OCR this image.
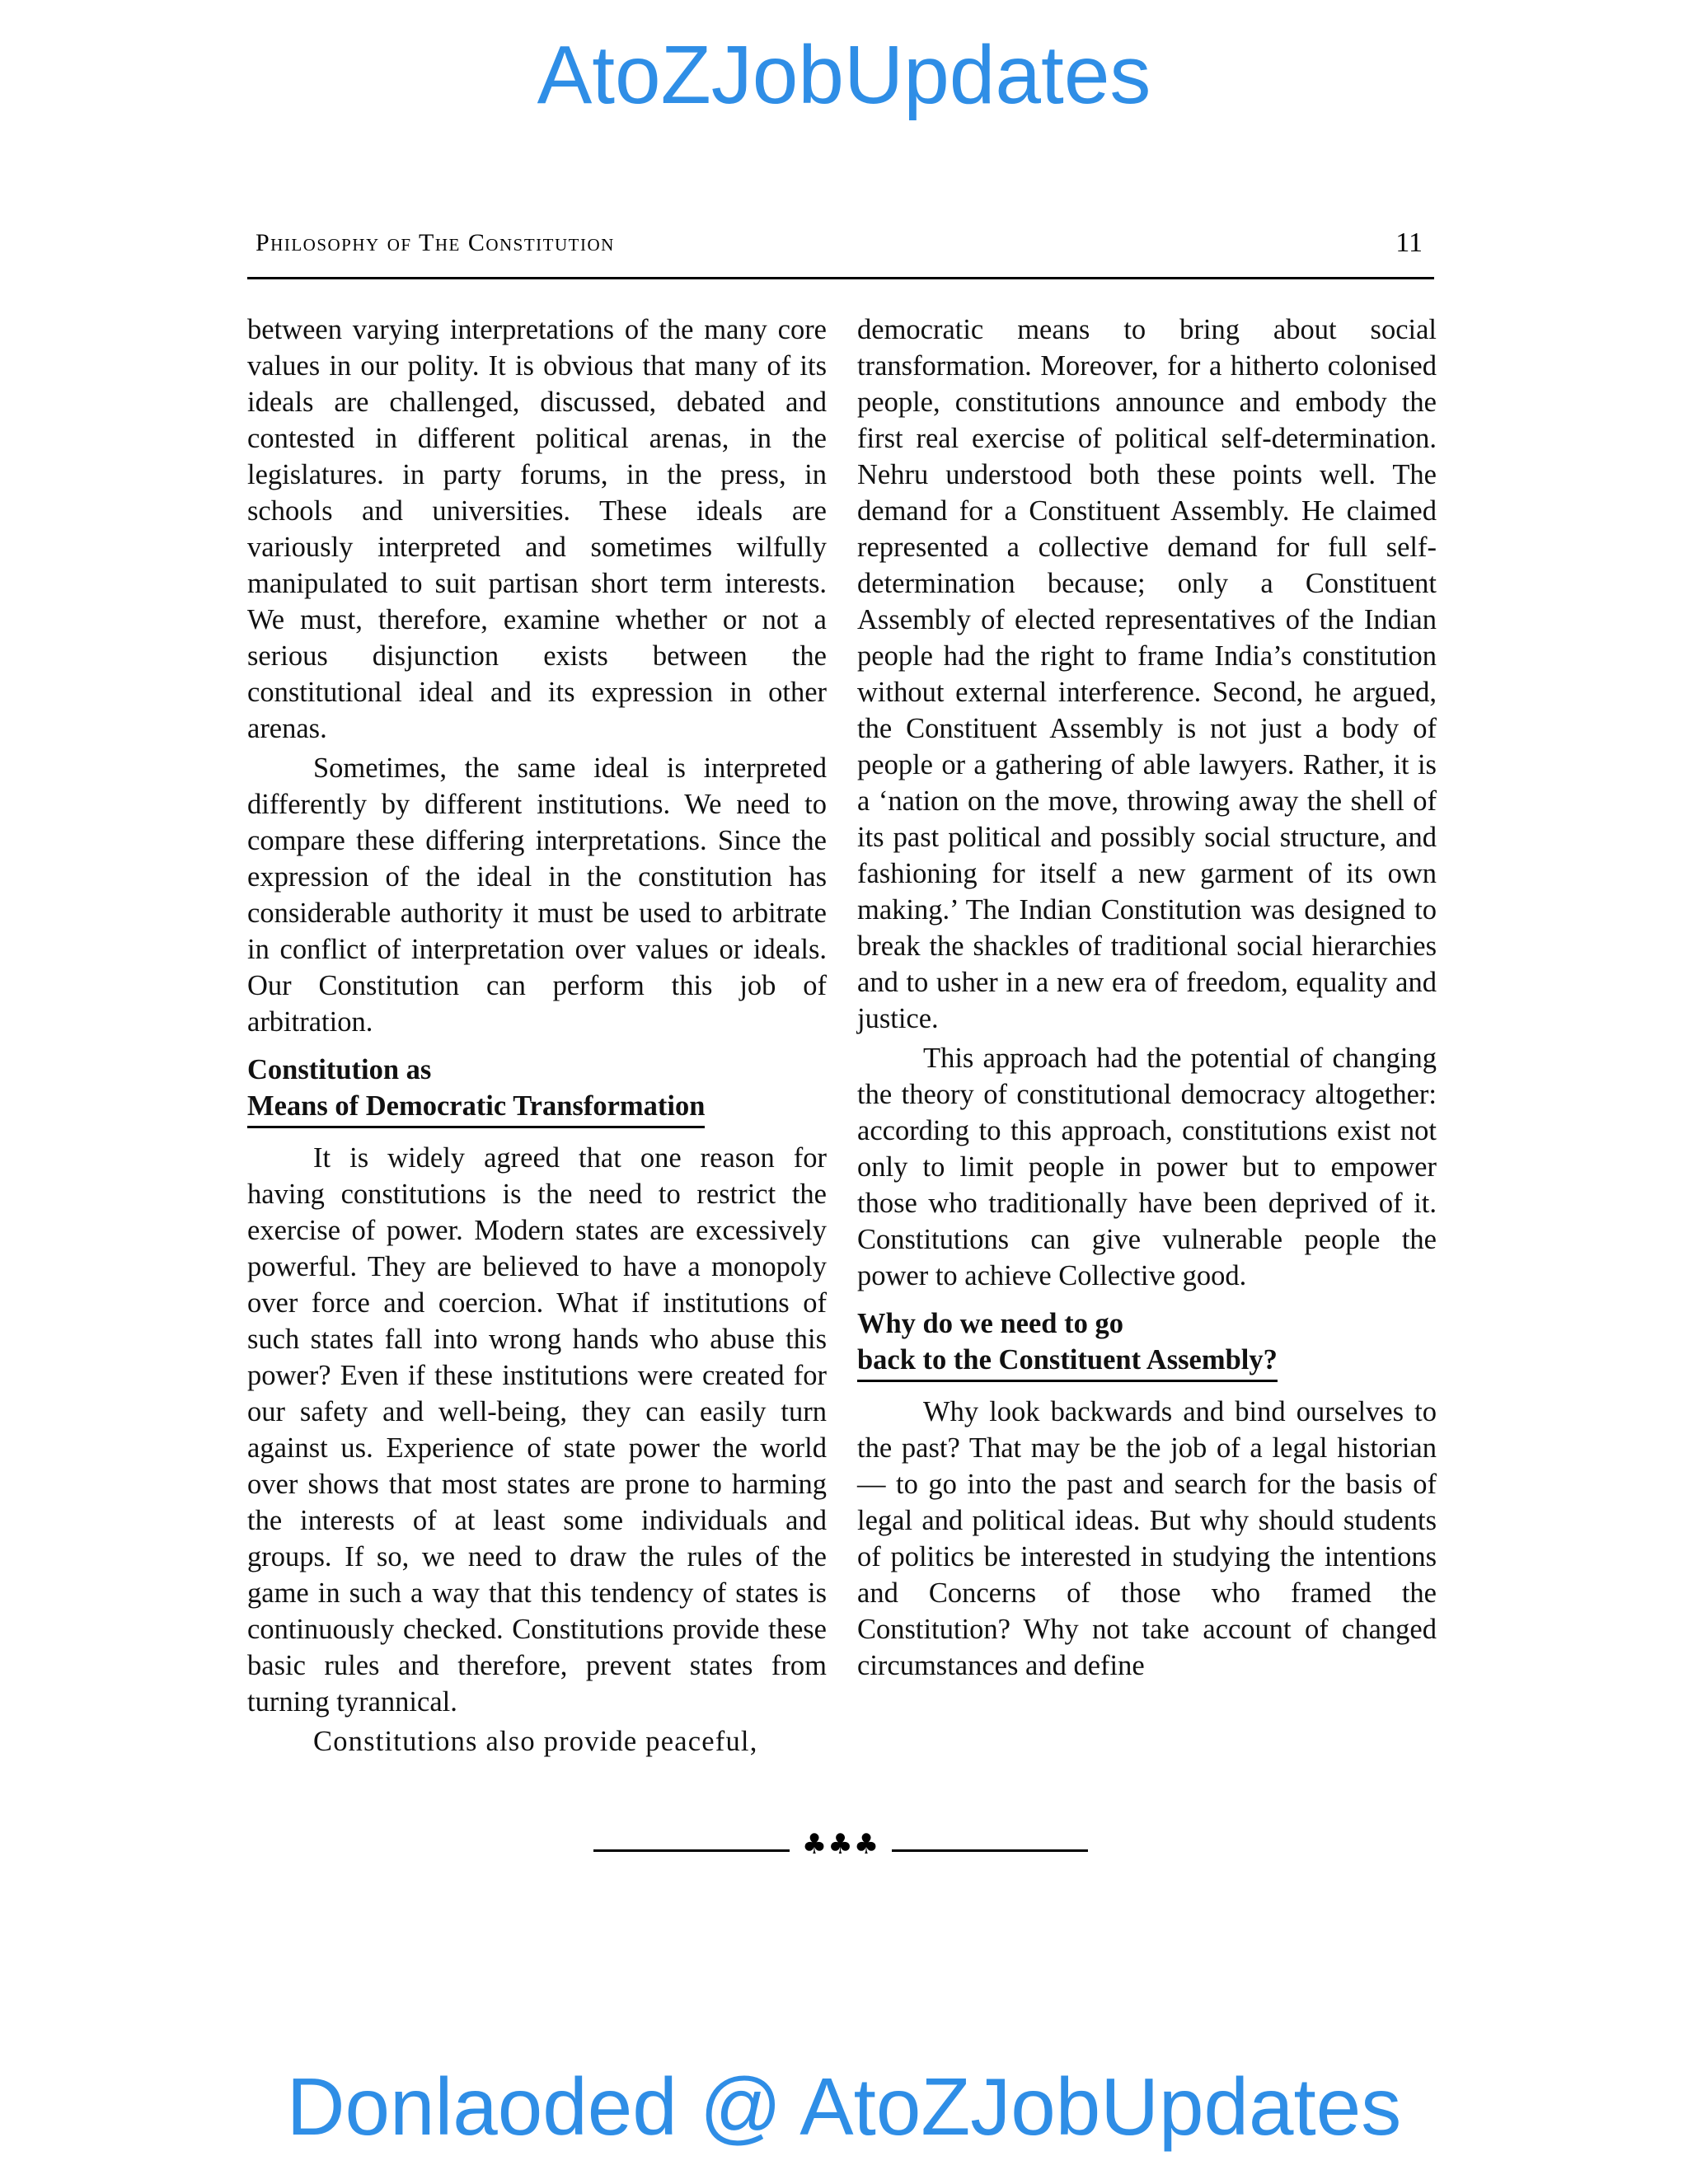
AtoZJobUpdates
Philosophy of The Constitution	11

between varying interpretations of the many core values in our polity. It is obvious that many of its ideals are challenged, discussed, debated and contested in different political arenas, in the legislatures. in party forums, in the press, in schools and universities. These ideals are variously interpreted and sometimes wilfully manipulated to suit partisan short term interests. We must, therefore, examine whether or not a serious disjunction exists between the constitutional ideal and its expression in other arenas.

Sometimes, the same ideal is interpreted differently by different institutions. We need to compare these differing interpretations. Since the expression of the ideal in the constitution has considerable authority it must be used to arbitrate in conflict of interpretation over values or ideals. Our Constitution can perform this job of arbitration.

Constitution as
Means of Democratic Transformation

It is widely agreed that one reason for having constitutions is the need to restrict the exercise of power. Modern states are excessively powerful. They are believed to have a monopoly over force and coercion. What if institutions of such states fall into wrong hands who abuse this power? Even if these institutions were created for our safety and well-being, they can easily turn against us. Experience of state power the world over shows that most states are prone to harming the interests of at least some individuals and groups. If so, we need to draw the rules of the game in such a way that this tendency of states is continuously checked. Constitutions provide these basic rules and therefore, prevent states from turning tyrannical.

Constitutions also provide peaceful,

democratic means to bring about social transformation. Moreover, for a hitherto colonised people, constitutions announce and embody the first real exercise of political self-determination. Nehru understood both these points well. The demand for a Constituent Assembly. He claimed represented a collective demand for full self-determination because; only a Constituent Assembly of elected representatives of the Indian people had the right to frame India’s constitution without external interference. Second, he argued, the Constituent Assembly is not just a body of people or a gathering of able lawyers. Rather, it is a ‘nation on the move, throwing away the shell of its past political and possibly social structure, and fashioning for itself a new garment of its own making.’ The Indian Constitution was designed to break the shackles of traditional social hierarchies and to usher in a new era of freedom, equality and justice.

This approach had the potential of changing the theory of constitutional democracy altogether: according to this approach, constitutions exist not only to limit people in power but to empower those who traditionally have been deprived of it. Constitutions can give vulnerable people the power to achieve Collective good.

Why do we need to go
back to the Constituent Assembly?

Why look backwards and bind ourselves to the past? That may be the job of a legal historian — to go into the past and search for the basis of legal and political ideas. But why should students of politics be interested in studying the intentions and Concerns of those who framed the Constitution? Why not take account of changed circumstances and define

♣♣♣
Donlaoded @ AtoZJobUpdates
